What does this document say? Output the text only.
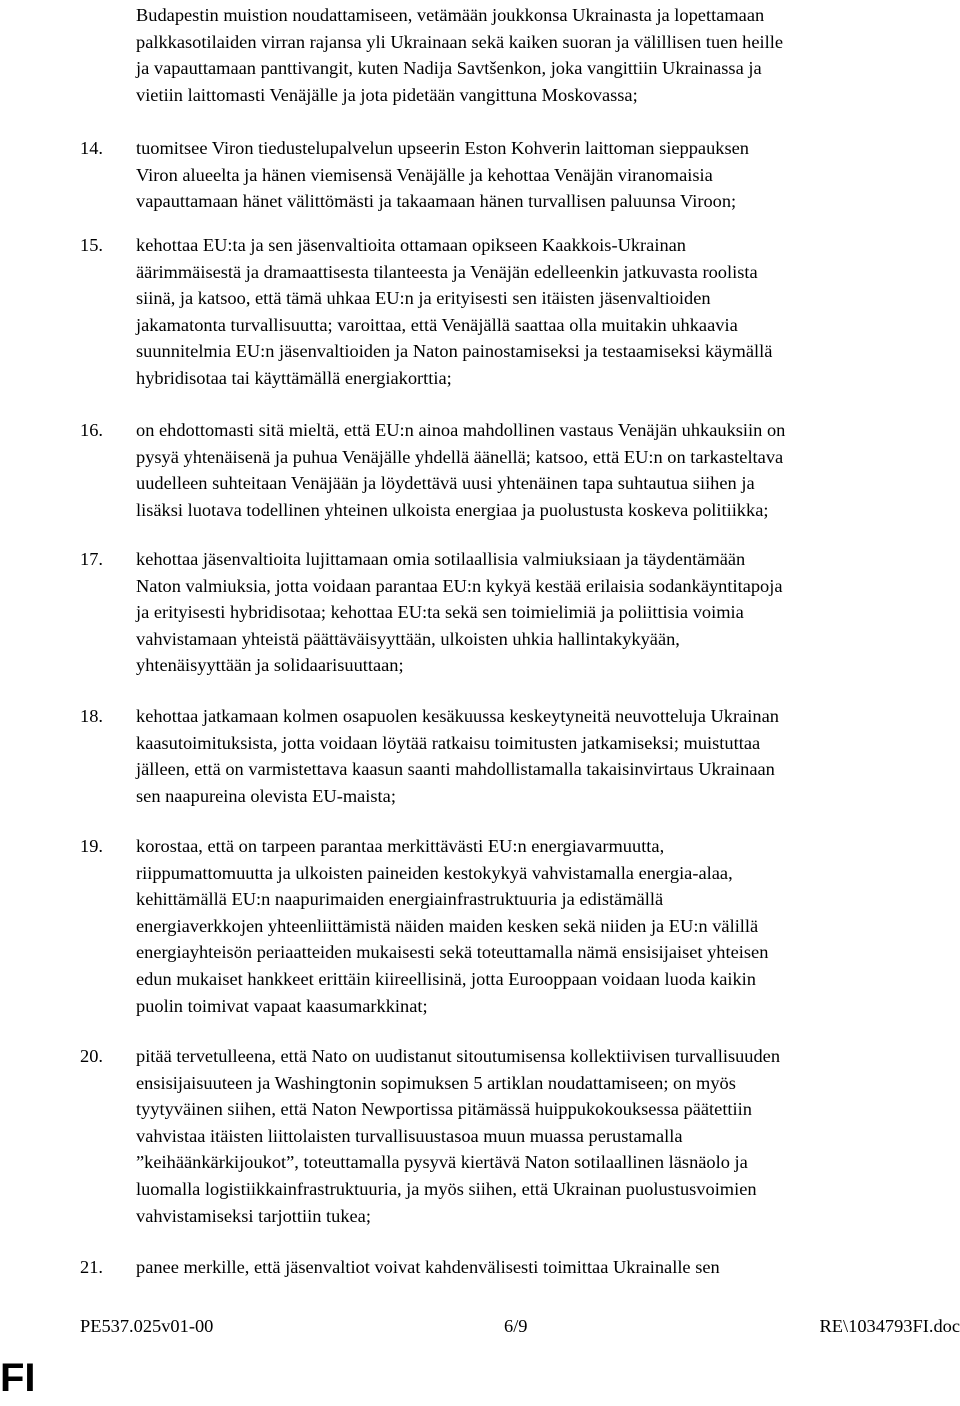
Budapestin muistion noudattamiseen, vetämään joukkonsa Ukrainasta ja lopettamaan
palkkasotilaiden virran rajansa yli Ukrainaan sekä kaiken suoran ja välillisen tuen heille
ja vapauttamaan panttivangit, kuten Nadija Savtšenkon, joka vangittiin Ukrainassa ja
vietiin laittomasti Venäjälle ja jota pidetään vangittuna Moskovassa;
14.	tuomitsee Viron tiedustelupalvelun upseerin Eston Kohverin laittoman sieppauksen
Viron alueelta ja hänen viemisensä Venäjälle ja kehottaa Venäjän viranomaisia
vapauttamaan hänet välittömästi ja takaamaan hänen turvallisen paluunsa Viroon;
15.	kehottaa EU:ta ja sen jäsenvaltioita ottamaan opikseen Kaakkois-Ukrainan
äärimmäisestä ja dramaattisesta tilanteesta ja Venäjän edelleenkin jatkuvasta roolista
siinä, ja katsoo, että tämä uhkaa EU:n ja erityisesti sen itäisten jäsenvaltioiden
jakamatonta turvallisuutta; varoittaa, että Venäjällä saattaa olla muitakin uhkaavia
suunnitelmia EU:n jäsenvaltioiden ja Naton painostamiseksi ja testaamiseksi käymällä
hybridisotaa tai käyttämällä energiakorttia;
16.	on ehdottomasti sitä mieltä, että EU:n ainoa mahdollinen vastaus Venäjän uhkauksiin on
pysyä yhtenäisenä ja puhua Venäjälle yhdellä äänellä; katsoo, että EU:n on tarkasteltava
uudelleen suhteitaan Venäjään ja löydettävä uusi yhtenäinen tapa suhtautua siihen ja
lisäksi luotava todellinen yhteinen ulkoista energiaa ja puolustusta koskeva politiikka;
17.	kehottaa jäsenvaltioita lujittamaan omia sotilaallisia valmiuksiaan ja täydentämään
Naton valmiuksia, jotta voidaan parantaa EU:n kykyä kestää erilaisia sodankäyntitapoja
ja erityisesti hybridisotaa; kehottaa EU:ta sekä sen toimielimiä ja poliittisia voimia
vahvistamaan yhteistä päättäväisyyttään, ulkoisten uhkia hallintakykyään,
yhtenäisyyttään ja solidaarisuuttaan;
18.	kehottaa jatkamaan kolmen osapuolen kesäkuussa keskeytyneitä neuvotteluja Ukrainan
kaasutoimituksista, jotta voidaan löytää ratkaisu toimitusten jatkamiseksi; muistuttaa
jälleen, että on varmistettava kaasun saanti mahdollistamalla takaisinvirtaus Ukrainaan
sen naapureina olevista EU-maista;
19.	korostaa, että on tarpeen parantaa merkittävästi EU:n energiavarmuutta,
riippumattomuutta ja ulkoisten paineiden kestokykyä vahvistamalla energia-alaa,
kehittämällä EU:n naapurimaiden energiainfrastruktuuria ja edistämällä
energiaverkkojen yhteenliittämistä näiden maiden kesken sekä niiden ja EU:n välillä
energiayhteisön periaatteiden mukaisesti sekä toteuttamalla nämä ensisijaiset yhteisen
edun mukaiset hankkeet erittäin kiireellisinä, jotta Eurooppaan voidaan luoda kaikin
puolin toimivat vapaat kaasumarkkinat;
20.	pitää tervetulleena, että Nato on uudistanut sitoutumisensa kollektiivisen turvallisuuden
ensisijaisuuteen ja Washingtonin sopimuksen 5 artiklan noudattamiseen; on myös
tyytyväinen siihen, että Naton Newportissa pitämässä huippukokouksessa päätettiin
vahvistaa itäisten liittolaisten turvallisuustasoa muun muassa perustamalla
”keihäänkärkijoukot”, toteuttamalla pysyvä kiertävä Naton sotilaallinen läsnäolo ja
luomalla logistiikkainfrastruktuuria, ja myös siihen, että Ukrainan puolustusvoimien
vahvistamiseksi tarjottiin tukea;
21.	panee merkille, että jäsenvaltiot voivat kahdenvälisesti toimittaa Ukrainalle sen
PE537.025v01-00	6/9	RE\1034793FI.doc
FI
